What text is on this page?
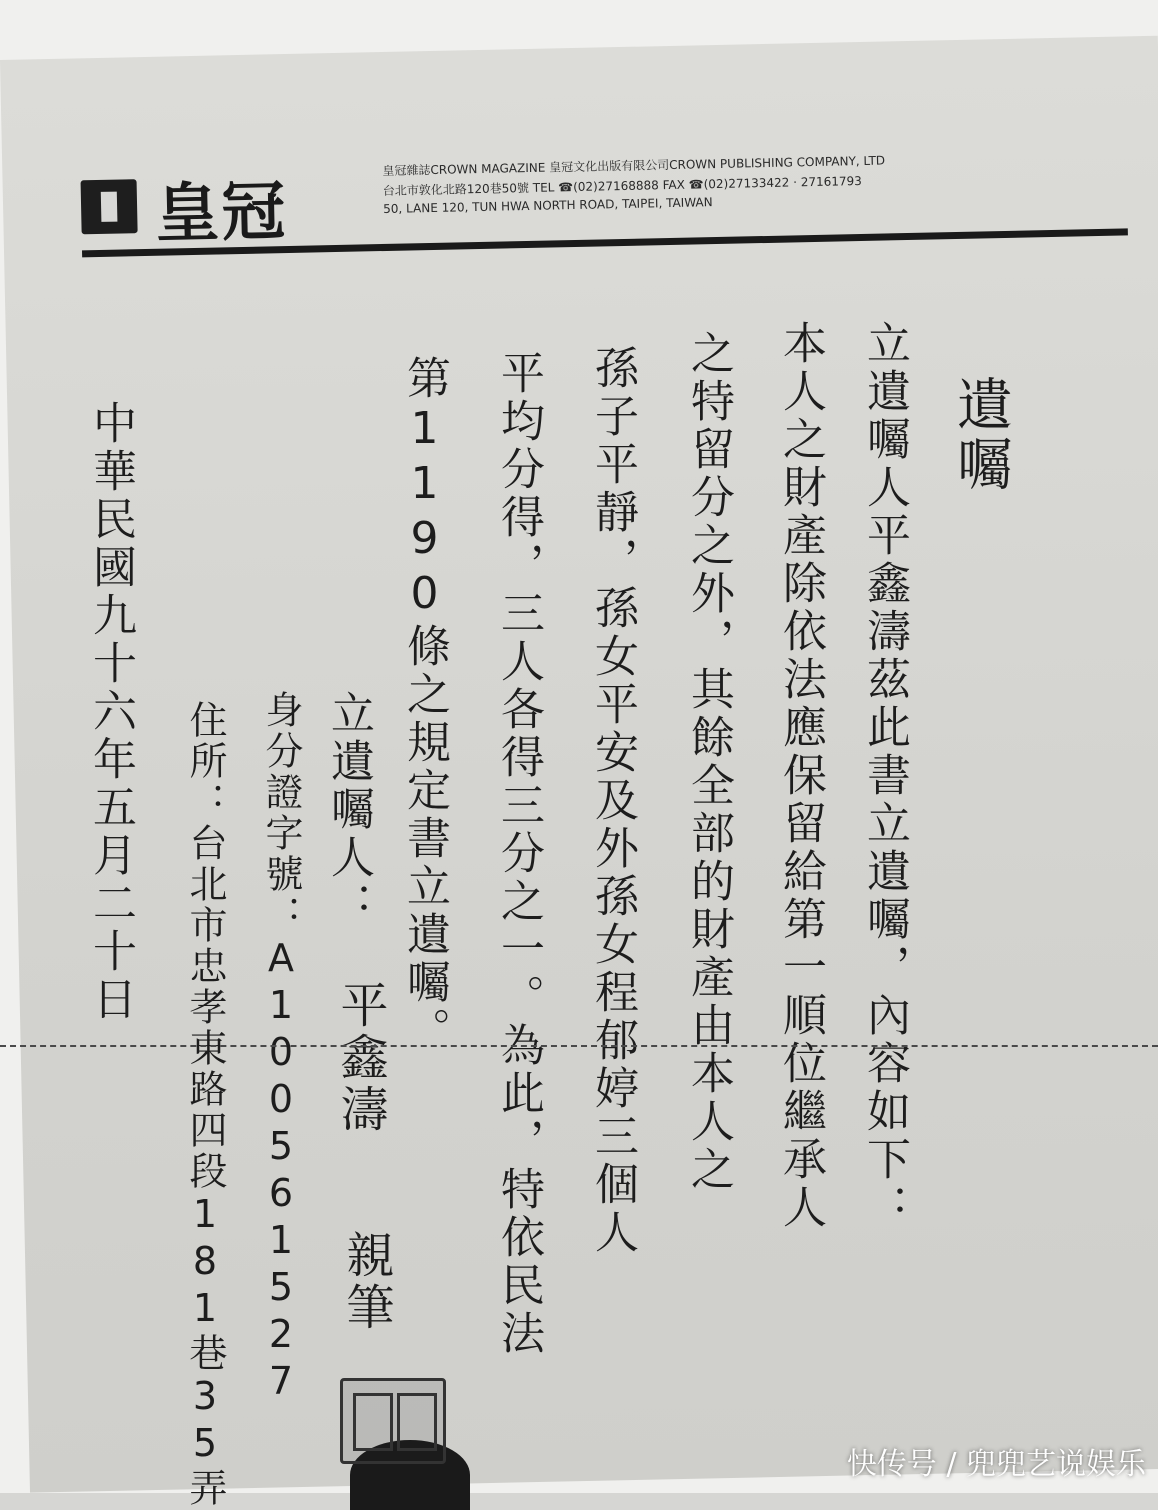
皇冠
皇冠雜誌CROWN MAGAZINE 皇冠文化出版有限公司CROWN PUBLISHING COMPANY, LTD
台北市敦化北路120巷50號 TEL ☎(02)27168888 FAX ☎(02)27133422 · 27161793
50, LANE 120, TUN HWA NORTH ROAD, TAIPEI, TAIWAN
遺囑
立遺囑人平鑫濤茲此書立遺囑，內容如下：
本人之財產除依法應保留給第一順位繼承人
之特留分之外，其餘全部的財產由本人之
孫子平靜，孫女平安及外孫女程郁婷三個人
平均分得，三人各得三分之一。為此，特依民法
第1190條之規定書立遺囑。
立遺囑人：
平鑫濤
親筆
身分證字號：A100561527
住所：台北市忠孝東路四段181巷35弄
中華民國九十六年五月二十日
快传号 / 兜兜艺说娱乐
